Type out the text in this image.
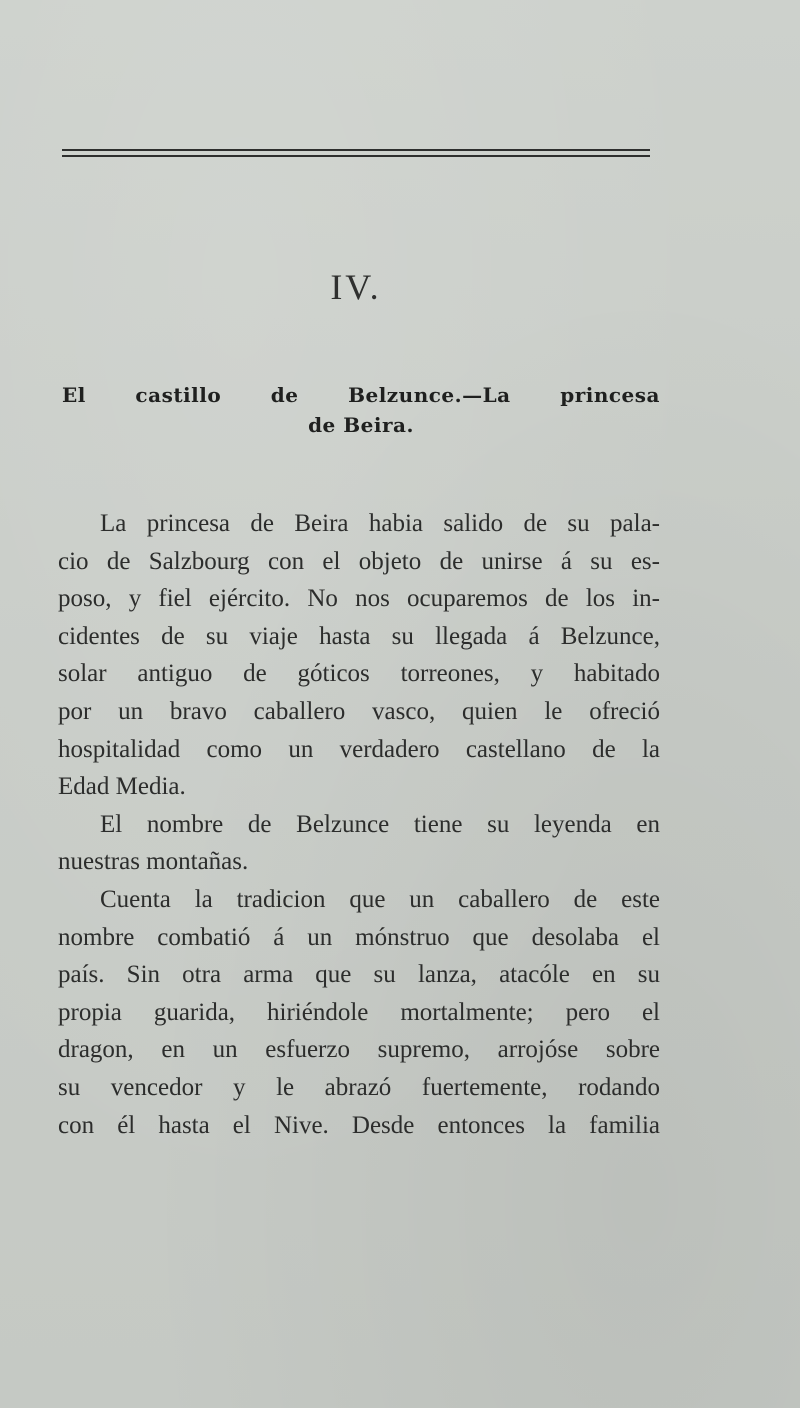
IV.
El castillo de Belzunce.—La princesa
de Beira.

La princesa de Beira habia salido de su pala-
cio de Salzbourg con el objeto de unirse á su es-
poso, y fiel ejército. No nos ocuparemos de los in-
cidentes de su viaje hasta su llegada á Belzunce,
solar antiguo de góticos torreones, y habitado
por un bravo caballero vasco, quien le ofreció
hospitalidad como un verdadero castellano de la
Edad Media.

El nombre de Belzunce tiene su leyenda en
nuestras montañas.

Cuenta la tradicion que un caballero de este
nombre combatió á un mónstruo que desolaba el
país. Sin otra arma que su lanza, atacóle en su
propia guarida, hiriéndole mortalmente; pero el
dragon, en un esfuerzo supremo, arrojóse sobre
su vencedor y le abrazó fuertemente, rodando
con él hasta el Nive. Desde entonces la familia
